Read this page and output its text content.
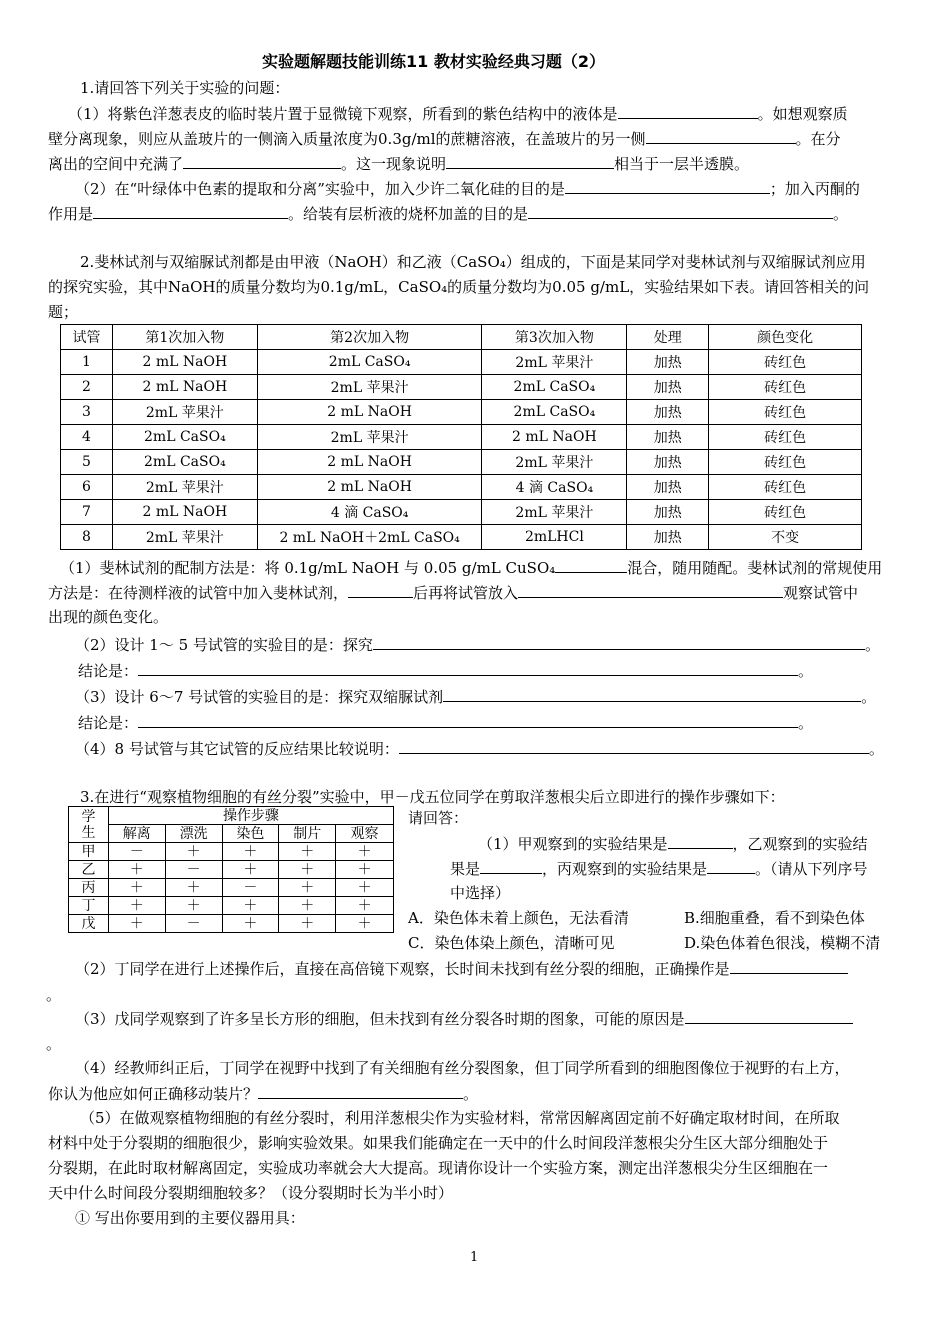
实验题解题技能训练11 教材实验经典习题（2）
1.请回答下列关于实验的问题：
（1）将紫色洋葱表皮的临时装片置于显微镜下观察，所看到的紫色结构中的液体是	。如想观察质
壁分离现象，则应从盖玻片的一侧滴入质量浓度为0.3g/ml的蔗糖溶液，在盖玻片的另一侧	。在分
离出的空间中充满了	。这一现象说明	相当于一层半透膜。
（2）在“叶绿体中色素的提取和分离”实验中，加入少许二氧化硅的目的是	；加入丙酮的
作用是	。给装有层析液的烧杯加盖的目的是	。
2.斐林试剂与双缩脲试剂都是由甲液（NaOH）和乙液（CaSO₄）组成的，下面是某同学对斐林试剂与双缩脲试剂应用
的探究实验，其中NaOH的质量分数均为0.1g/mL，CaSO₄的质量分数均为0.05 g/mL，实验结果如下表。请回答相关的问
题；
试管	第1次加入物	第2次加入物	第3次加入物	处理	颜色变化
1	2 mL NaOH	2mL CaSO₄	2mL 苹果汁	加热	砖红色
2	2 mL NaOH	2mL 苹果汁	2mL CaSO₄	加热	砖红色
3	2mL 苹果汁	2 mL NaOH	2mL CaSO₄	加热	砖红色
4	2mL CaSO₄	2mL 苹果汁	2 mL NaOH	加热	砖红色
5	2mL CaSO₄	2 mL NaOH	2mL 苹果汁	加热	砖红色
6	2mL 苹果汁	2 mL NaOH	4 滴 CaSO₄	加热	砖红色
7	2 mL NaOH	4 滴 CaSO₄	2mL 苹果汁	加热	砖红色
8	2mL 苹果汁	2 mL NaOH＋2mL CaSO₄	2mLHCl	加热	不变
（1）斐林试剂的配制方法是：将 0.1g/mL NaOH 与 0.05 g/mL CuSO₄	混合，随用随配。斐林试剂的常规使用
方法是：在待测样液的试管中加入斐林试剂，	后再将试管放入	观察试管中
出现的颜色变化。
（2）设计 1～ 5 号试管的实验目的是：探究	。
结论是：	。
（3）设计 6～7 号试管的实验目的是：探究双缩脲试剂	。
结论是：	。
（4）8 号试管与其它试管的反应结果比较说明：	。
3.在进行“观察植物细胞的有丝分裂”实验中，甲－戊五位同学在剪取洋葱根尖后立即进行的操作步骤如下：
学
生	操作步骤				
	解离	漂洗	染色	制片	观察
甲	－	＋	＋	＋	＋
乙	＋	－	＋	＋	＋
丙	＋	＋	－	＋	＋
丁	＋	＋	＋	＋	＋
戊	＋	－	＋	＋	＋
请回答：
（1）甲观察到的实验结果是	，乙观察到的实验结
果是	，丙观察到的实验结果是	。（请从下列序号
中选择）
A．染色体未着上颜色，无法看清	B.细胞重叠，看不到染色体
C．染色体染上颜色，清晰可见	D.染色体着色很浅，模糊不清
（2）丁同学在进行上述操作后，直接在高倍镜下观察，长时间未找到有丝分裂的细胞，正确操作是
。
（3）戊同学观察到了许多呈长方形的细胞，但未找到有丝分裂各时期的图象，可能的原因是
。
（4）经教师纠正后，丁同学在视野中找到了有关细胞有丝分裂图象，但丁同学所看到的细胞图像位于视野的右上方，
你认为他应如何正确移动装片？	。
（5）在做观察植物细胞的有丝分裂时，利用洋葱根尖作为实验材料，常常因解离固定前不好确定取材时间，在所取
材料中处于分裂期的细胞很少，影响实验效果。如果我们能确定在一天中的什么时间段洋葱根尖分生区大部分细胞处于
分裂期，在此时取材解离固定，实验成功率就会大大提高。现请你设计一个实验方案，测定出洋葱根尖分生区细胞在一
天中什么时间段分裂期细胞较多？（设分裂期时长为半小时）
① 写出你要用到的主要仪器用具：
1
